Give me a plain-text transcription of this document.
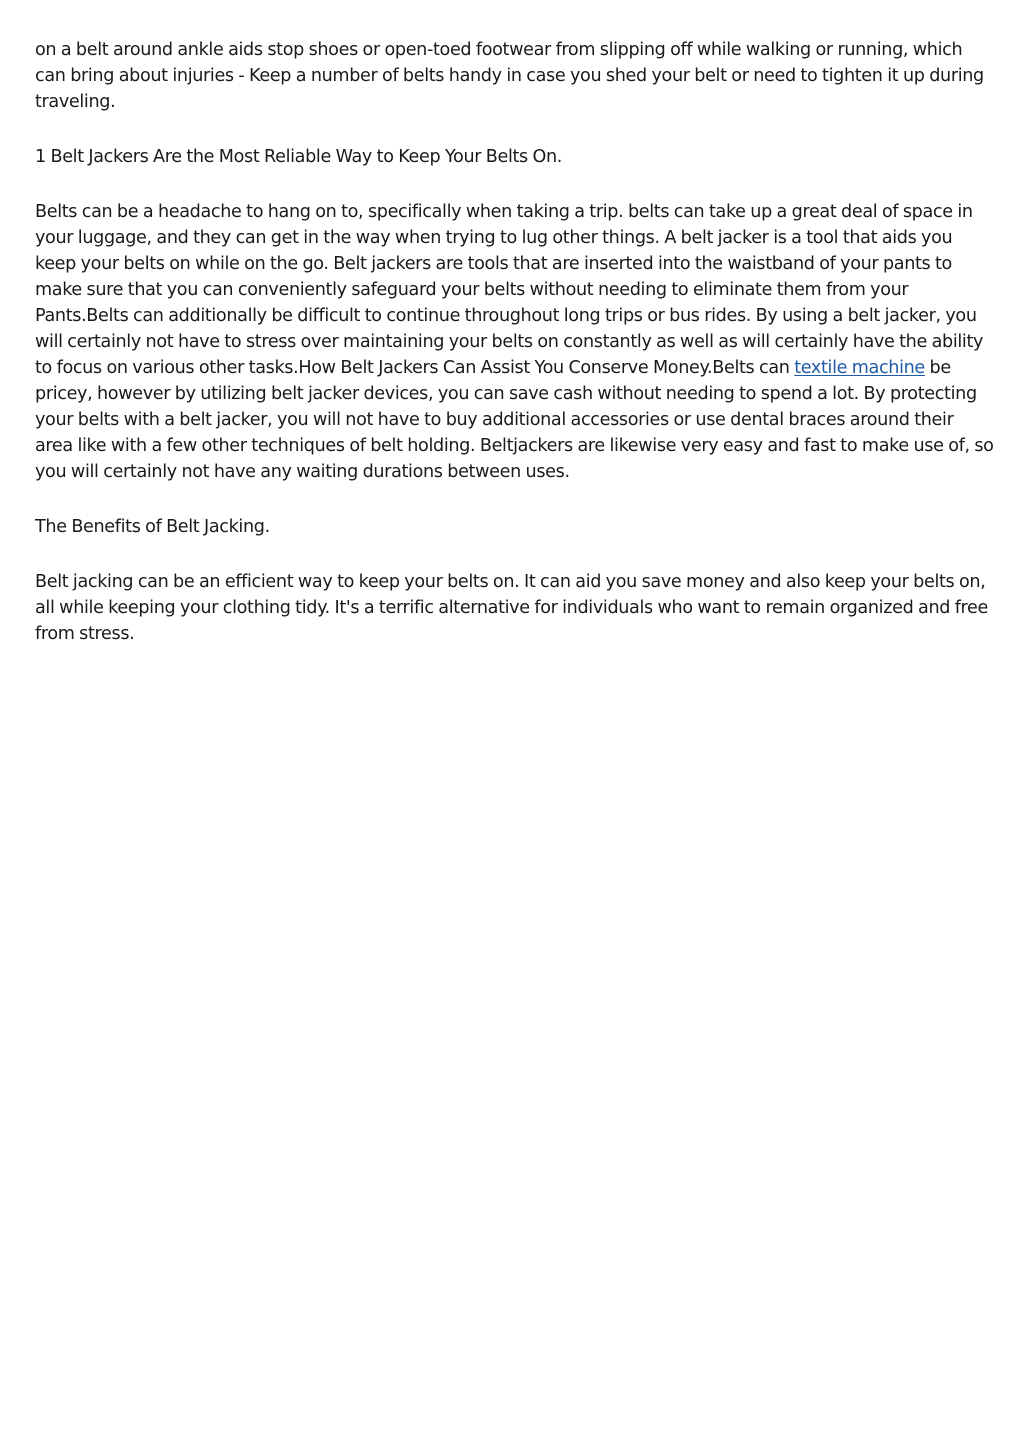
on a belt around ankle aids stop shoes or open-toed footwear from slipping off while walking or running, which can bring about injuries - Keep a number of belts handy in case you shed your belt or need to tighten it up during traveling.

1 Belt Jackers Are the Most Reliable Way to Keep Your Belts On.

Belts can be a headache to hang on to, specifically when taking a trip. belts can take up a great deal of space in your luggage, and they can get in the way when trying to lug other things. A belt jacker is a tool that aids you keep your belts on while on the go. Belt jackers are tools that are inserted into the waistband of your pants to make sure that you can conveniently safeguard your belts without needing to eliminate them from your Pants.Belts can additionally be difficult to continue throughout long trips or bus rides. By using a belt jacker, you will certainly not have to stress over maintaining your belts on constantly as well as will certainly have the ability to focus on various other tasks.How Belt Jackers Can Assist You Conserve Money.Belts can textile machine be pricey, however by utilizing belt jacker devices, you can save cash without needing to spend a lot. By protecting your belts with a belt jacker, you will not have to buy additional accessories or use dental braces around their area like with a few other techniques of belt holding. Beltjackers are likewise very easy and fast to make use of, so you will certainly not have any waiting durations between uses.

The Benefits of Belt Jacking.

Belt jacking can be an efficient way to keep your belts on. It can aid you save money and also keep your belts on, all while keeping your clothing tidy. It's a terrific alternative for individuals who want to remain organized and free from stress.
